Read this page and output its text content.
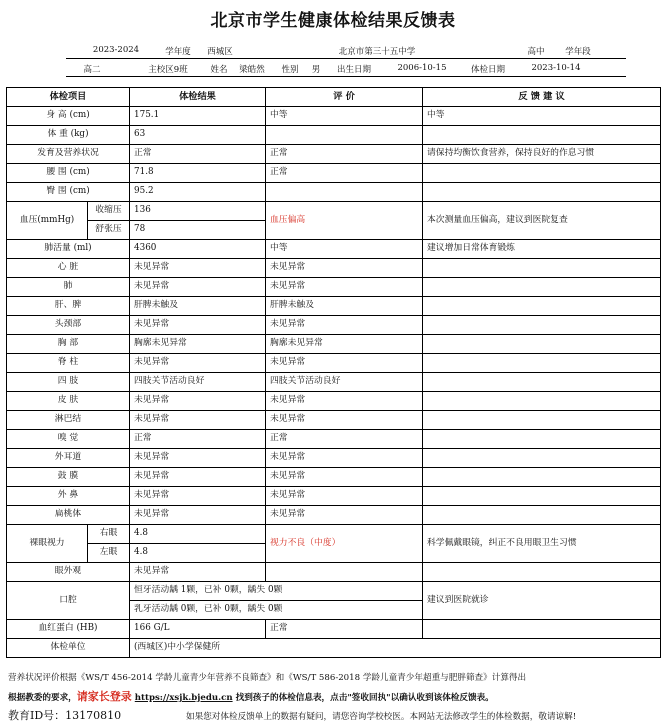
北京市学生健康体检结果反馈表
2023-2024	学年度 西城区	北京市第三十五中学	高中 学年段
高二	主校区9班	姓名 梁皓然 性别 男 出生日期	2006-10-15	体检日期	2023-10-14
体检项目		体检结果	评 价	反 馈 建 议
身 高 (cm)		175.1	中等	中等
体 重 (kg)		63		
发育及营养状况		正常	正常	请保持均衡饮食营养，保持良好的作息习惯
腰 围 (cm)		71.8	正常	
臀 围 (cm)		95.2		
血压(mmHg)	收缩压	136	血压偏高	本次测量血压偏高，建议到医院复查
	舒张压	78		
肺活量 (ml)		4360	中等	建议增加日常体育锻炼
心 脏		未见异常	未见异常	
肺		未见异常	未见异常	
肝、脾		肝脾未触及	肝脾未触及	
头颈部		未见异常	未见异常	
胸 部		胸廓未见异常	胸廓未见异常	
脊 柱		未见异常	未见异常	
四 肢		四肢关节活动良好	四肢关节活动良好	
皮 肤		未见异常	未见异常	
淋巴结		未见异常	未见异常	
嗅 觉		正常	正常	
外耳道		未见异常	未见异常	
鼓 膜		未见异常	未见异常	
外 鼻		未见异常	未见异常	
扁桃体		未见异常	未见异常	
裸眼视力	右眼	4.8	视力不良（中度）	科学佩戴眼镜，纠正不良用眼卫生习惯
	左眼	4.8		
眼外观		未见异常		
口腔		恒牙活动龋 1颗，已补 0颗，龋失 0颗		建议到医院就诊
		乳牙活动龋 0颗，已补 0颗，龋失 0颗		
血红蛋白 (HB)		166 G/L	正常	
体检单位		(西城区)中小学保健所		
营养状况评价根据《WS/T 456-2014 学龄儿童青少年营养不良筛查》和《WS/T 586-2018 学龄儿童青少年超重与肥胖筛查》计算得出
根据教委的要求，请家长登录 https://xsjk.bjedu.cn 找到孩子的体检信息表，点击"签收回执"以确认收到该体检反馈表。
教育ID号：13170810	如果您对体检反馈单上的数据有疑问，请您咨询学校校医。本网站无法修改学生的体检数据，敬请谅解!
